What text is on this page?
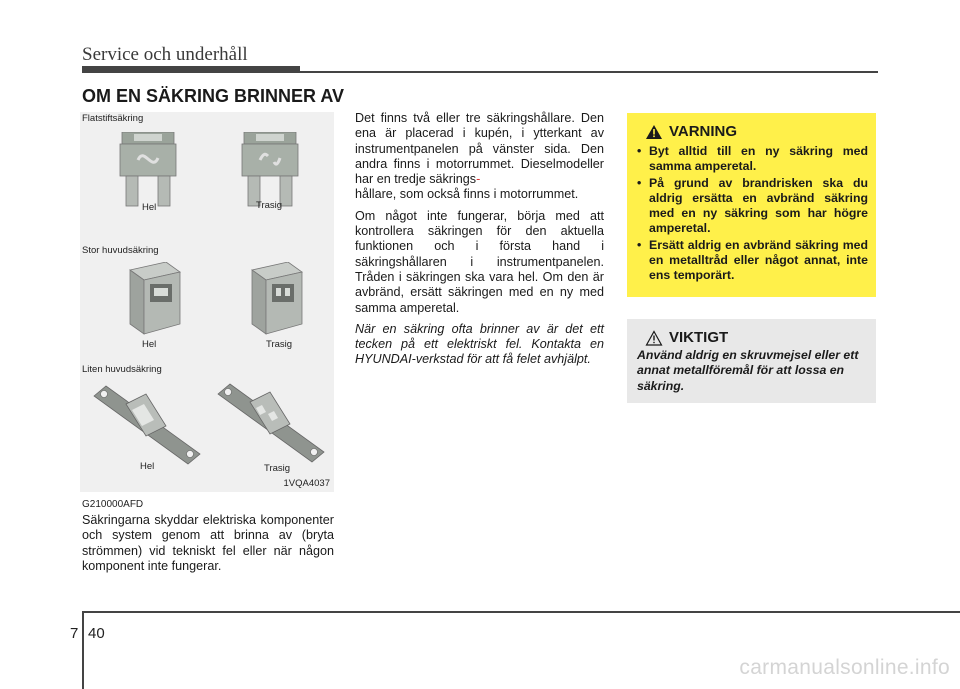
Service och underhåll
OM EN SÄKRING BRINNER AV
Flatstiftsäkring
Hel	Trasig
Stor huvudsäkring
Hel	Trasig
Liten huvudsäkring
Hel	Trasig
1VQA4037
G210000AFD
Säkringarna skyddar elektriska komponenter och system genom att brinna av (bryta strömmen) vid tekniskt fel eller när någon komponent inte fungerar.

Det finns två eller tre säkringshållare. Den ena är placerad i kupén, i ytterkant av instrumentpanelen på vänster sida. Den andra finns i motorrummet. Dieselmodeller har en tredje säkrings-
hållare, som också finns i motorrummet.

Om något inte fungerar, börja med att kontrollera säkringen för den aktuella funktionen och i första hand i säkringshållaren i instrumentpanelen. Tråden i säkringen ska vara hel. Om den är avbränd, ersätt säkringen med en ny med samma amperetal.

När en säkring ofta brinner av är det ett tecken på ett elektriskt fel. Kontakta en HYUNDAI-verkstad för att få felet avhjälpt.

VARNING
• Byt alltid till en ny säkring med samma amperetal.
• På grund av brandrisken ska du aldrig ersätta en avbränd säkring med en ny säkring som har högre amperetal.
• Ersätt aldrig en avbränd säkring med en metalltråd eller något annat, inte ens temporärt.
VIKTIGT
Använd aldrig en skruvmejsel eller ett annat metallföremål för att lossa en säkring.
7 40
carmanualsonline.info
